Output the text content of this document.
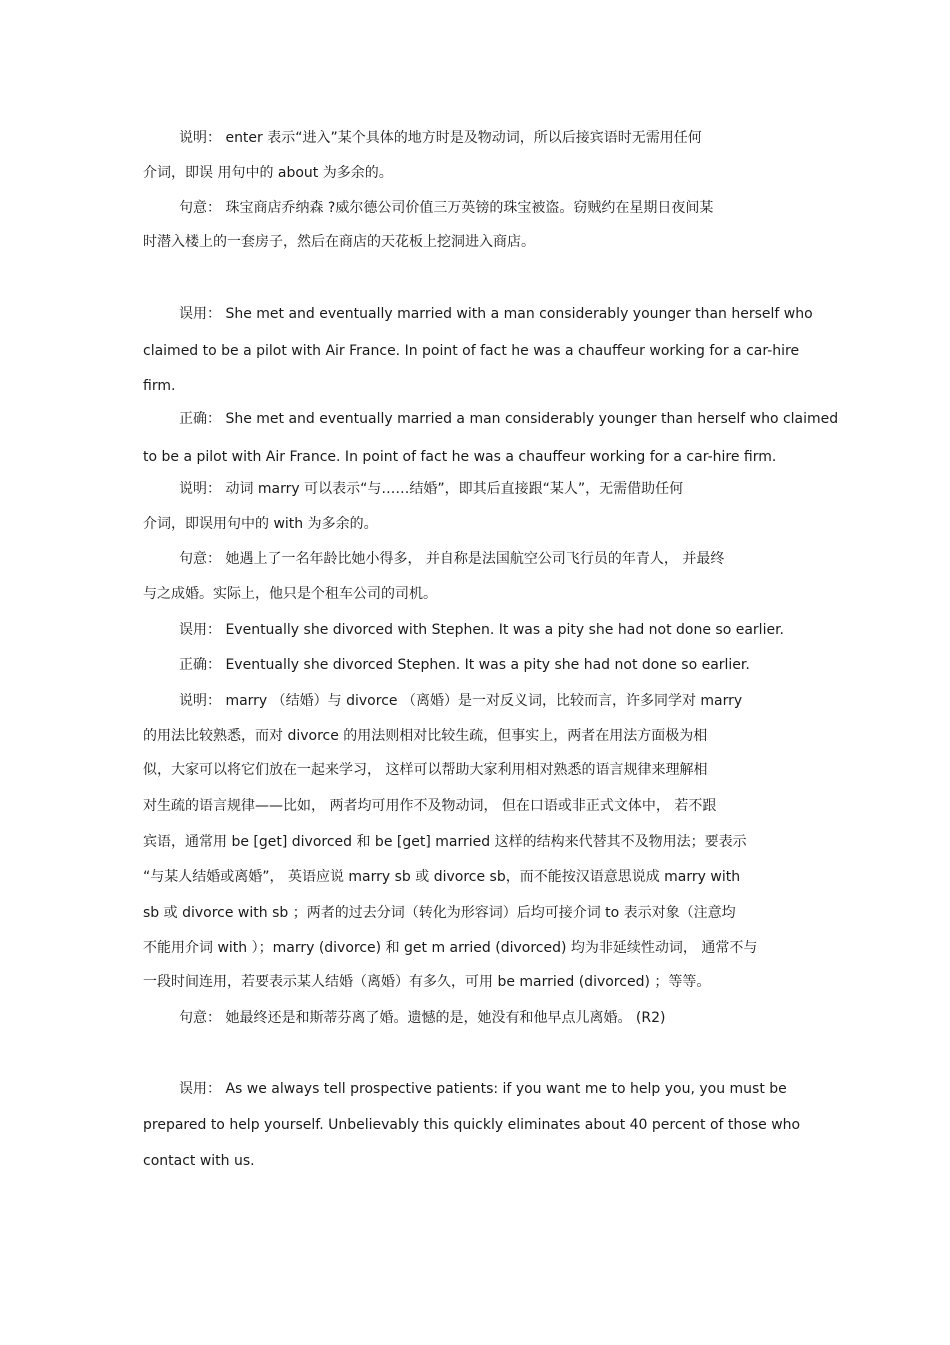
说明： enter 表示“进入”某个具体的地方时是及物动词，所以后接宾语时无需用任何
介词，即误 用句中的 about 为多余的。
句意： 珠宝商店乔纳森 ?威尔德公司价值三万英镑的珠宝被盗。窃贼约在星期日夜间某
时潜入楼上的一套房子，然后在商店的天花板上挖洞进入商店。
误用： She met and eventually married with a man considerably younger than herself who
claimed to be a pilot with Air France. In point of fact he was a chauffeur working for a car-hire
firm.
正确： She met and eventually married a man considerably younger than herself who claimed
to be a pilot with Air France. In point of fact he was a chauffeur working for a car-hire firm.
说明： 动词 marry 可以表示“与……结婚”，即其后直接跟“某人”，无需借助任何
介词，即误用句中的 with 为多余的。
句意： 她遇上了一名年龄比她小得多， 并自称是法国航空公司飞行员的年青人， 并最终
与之成婚。实际上，他只是个租车公司的司机。
误用： Eventually she divorced with Stephen. It was a pity she had not done so earlier.
正确： Eventually she divorced Stephen. It was a pity she had not done so earlier.
说明： marry （结婚）与 divorce （离婚）是一对反义词，比较而言，许多同学对 marry
的用法比较熟悉，而对 divorce 的用法则相对比较生疏，但事实上，两者在用法方面极为相
似，大家可以将它们放在一起来学习， 这样可以帮助大家利用相对熟悉的语言规律来理解相
对生疏的语言规律——比如， 两者均可用作不及物动词， 但在口语或非正式文体中， 若不跟
宾语，通常用 be [get] divorced 和 be [get] married 这样的结构来代替其不及物用法；要表示
“与某人结婚或离婚”， 英语应说 marry sb 或 divorce sb，而不能按汉语意思说成 marry with
sb 或 divorce with sb ；两者的过去分词（转化为形容词）后均可接介词 to 表示对象（注意均
不能用介词 with ）；marry (divorce) 和 get m arried (divorced) 均为非延续性动词， 通常不与
一段时间连用，若要表示某人结婚（离婚）有多久，可用 be married (divorced) ；等等。
句意： 她最终还是和斯蒂芬离了婚。遗憾的是，她没有和他早点儿离婚。 (R2)
误用： As we always tell prospective patients: if you want me to help you, you must be
prepared to help yourself. Unbelievably this quickly eliminates about 40 percent of those who
contact with us.
